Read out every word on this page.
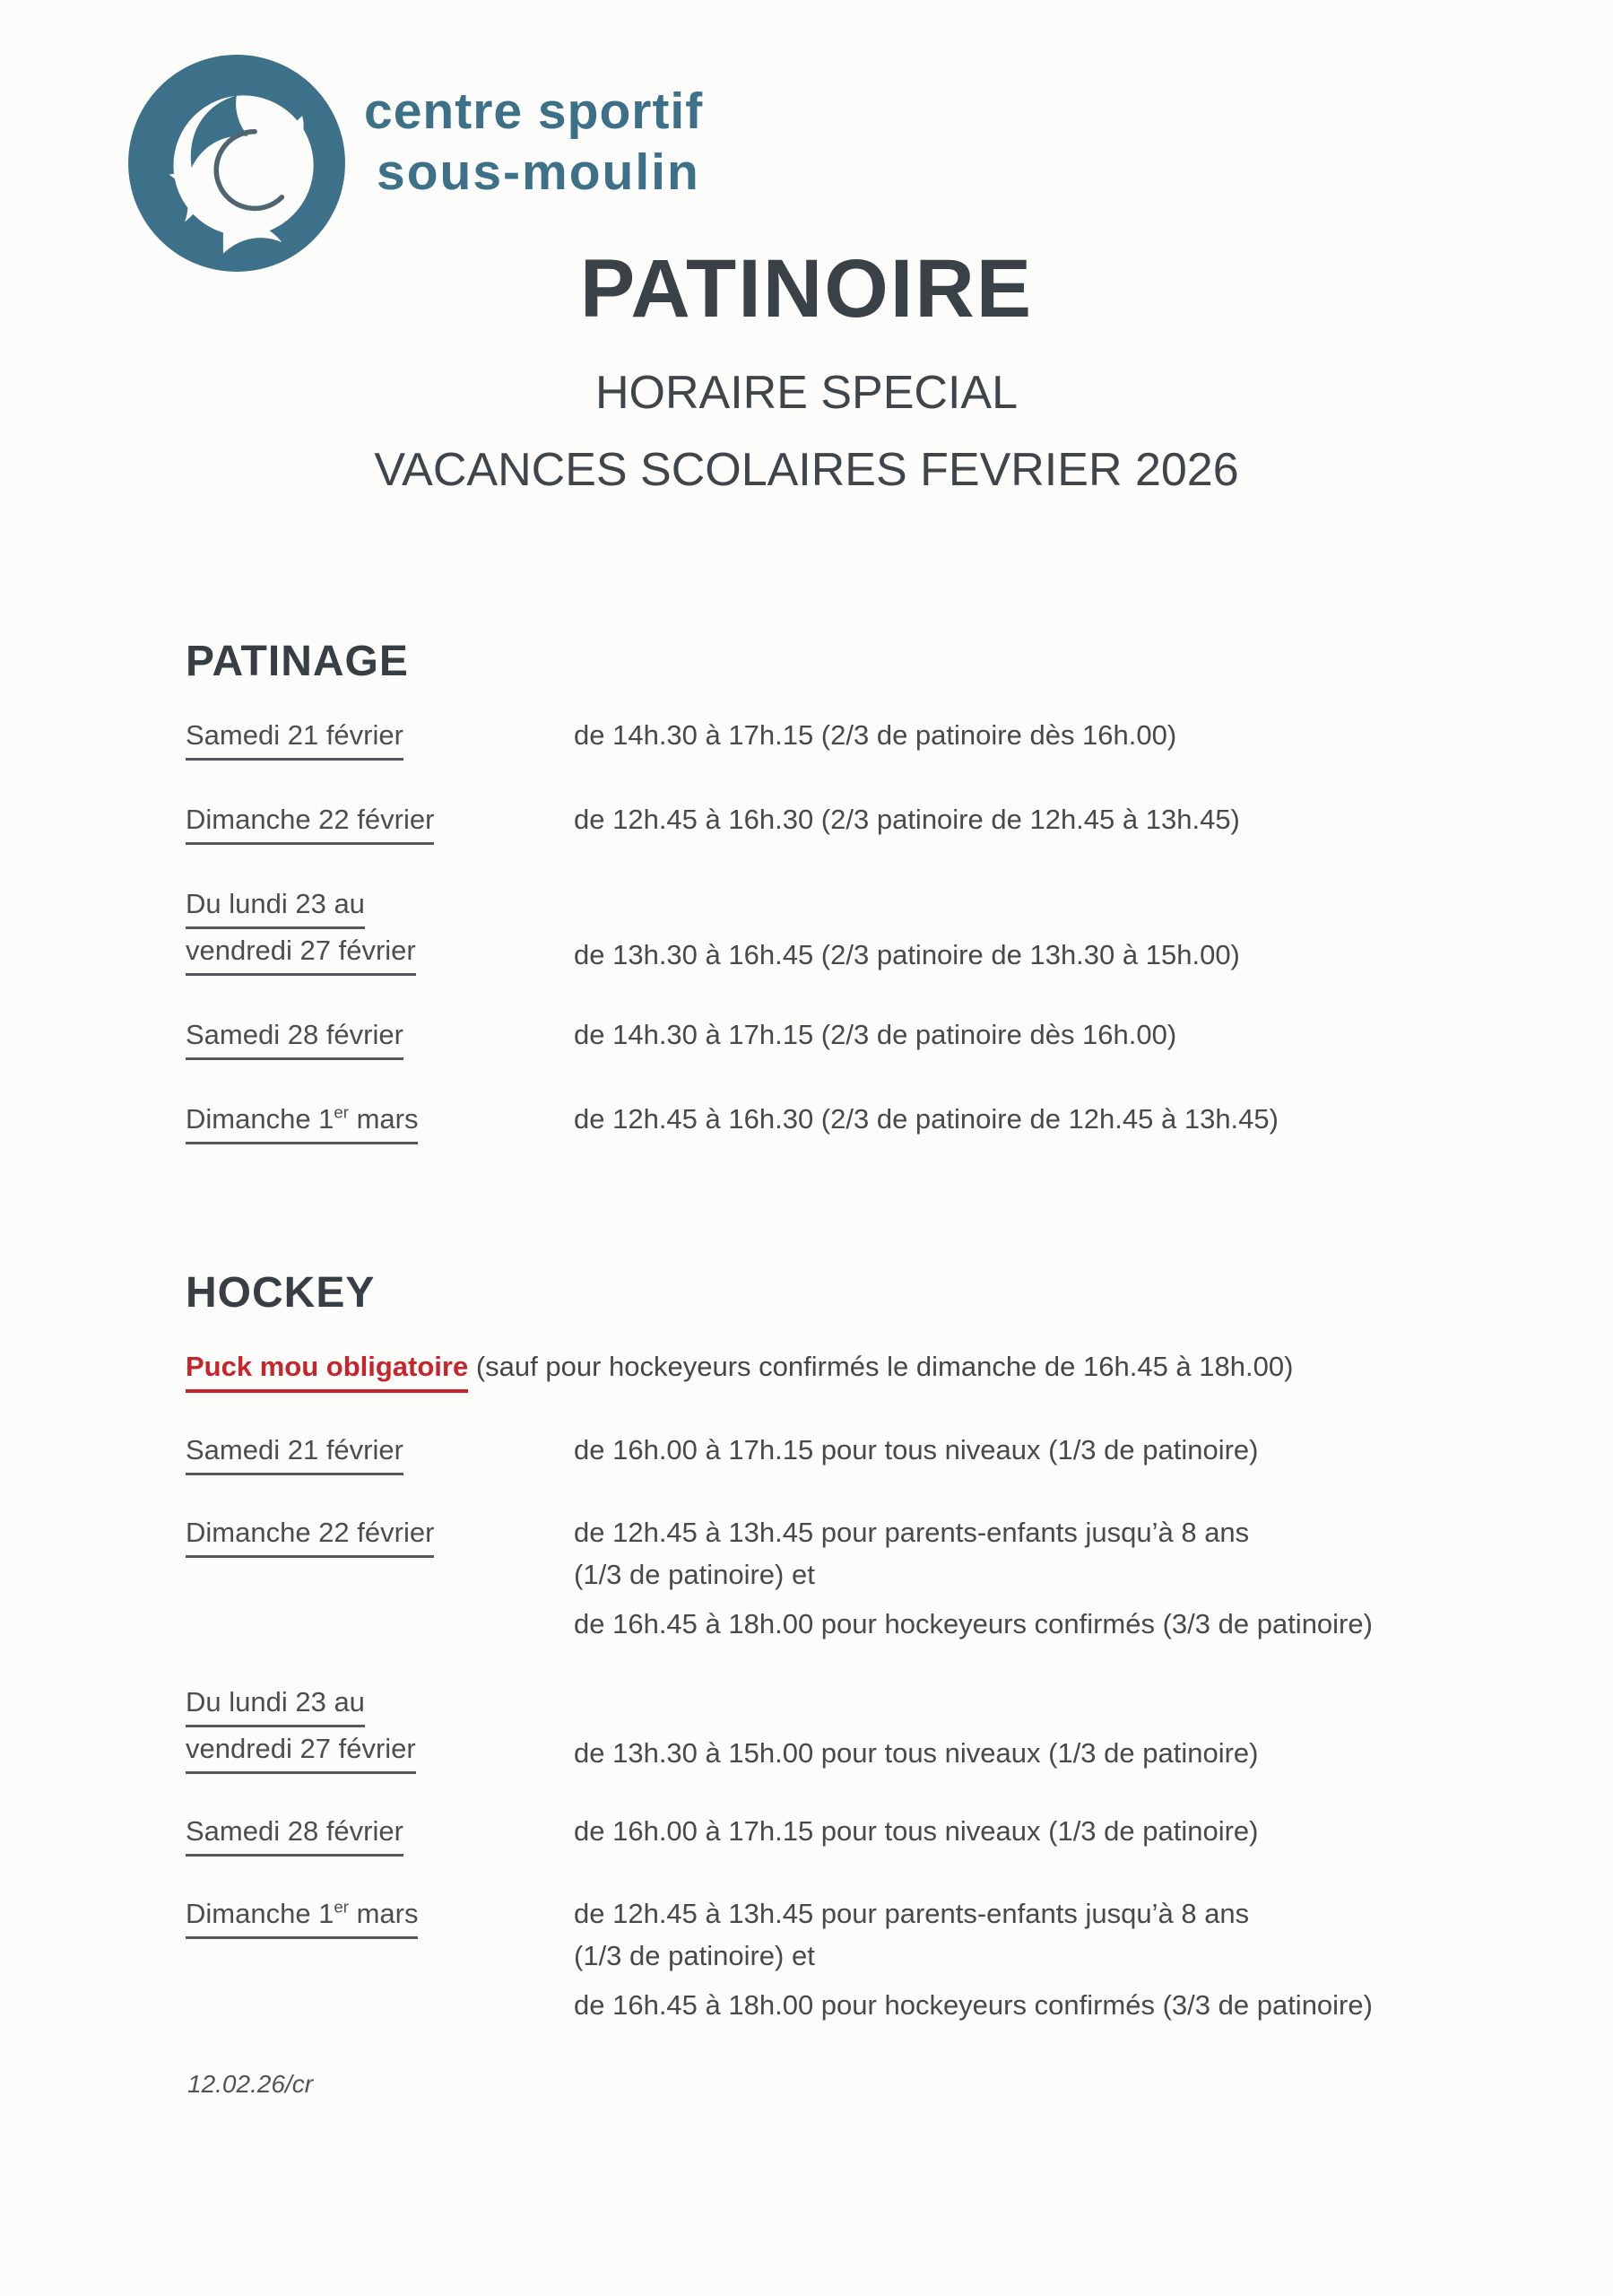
centre sportif
sous-moulin
PATINOIRE
HORAIRE SPECIAL
VACANCES SCOLAIRES FEVRIER 2026
PATINAGE
Samedi 21 février	de 14h.30 à 17h.15 (2/3 de patinoire dès 16h.00)
Dimanche 22 février	de 12h.45 à 16h.30 (2/3 patinoire de 12h.45 à 13h.45)
Du lundi 23 au
vendredi 27 février	de 13h.30 à 16h.45 (2/3 patinoire de 13h.30 à 15h.00)
Samedi 28 février	de 14h.30 à 17h.15 (2/3 de patinoire dès 16h.00)
Dimanche 1er mars	de 12h.45 à 16h.30 (2/3 de patinoire de 12h.45 à 13h.45)
HOCKEY
Puck mou obligatoire (sauf pour hockeyeurs confirmés le dimanche de 16h.45 à 18h.00)
Samedi 21 février	de 16h.00 à 17h.15 pour tous niveaux (1/3 de patinoire)
Dimanche 22 février	de 12h.45 à 13h.45 pour parents-enfants jusqu’à 8 ans
(1/3 de patinoire) et
de 16h.45 à 18h.00 pour hockeyeurs confirmés (3/3 de patinoire)
Du lundi 23 au
vendredi 27 février	de 13h.30 à 15h.00 pour tous niveaux (1/3 de patinoire)
Samedi 28 février	de 16h.00 à 17h.15 pour tous niveaux (1/3 de patinoire)
Dimanche 1er mars	de 12h.45 à 13h.45 pour parents-enfants jusqu’à 8 ans
(1/3 de patinoire) et
de 16h.45 à 18h.00 pour hockeyeurs confirmés (3/3 de patinoire)
12.02.26/cr
